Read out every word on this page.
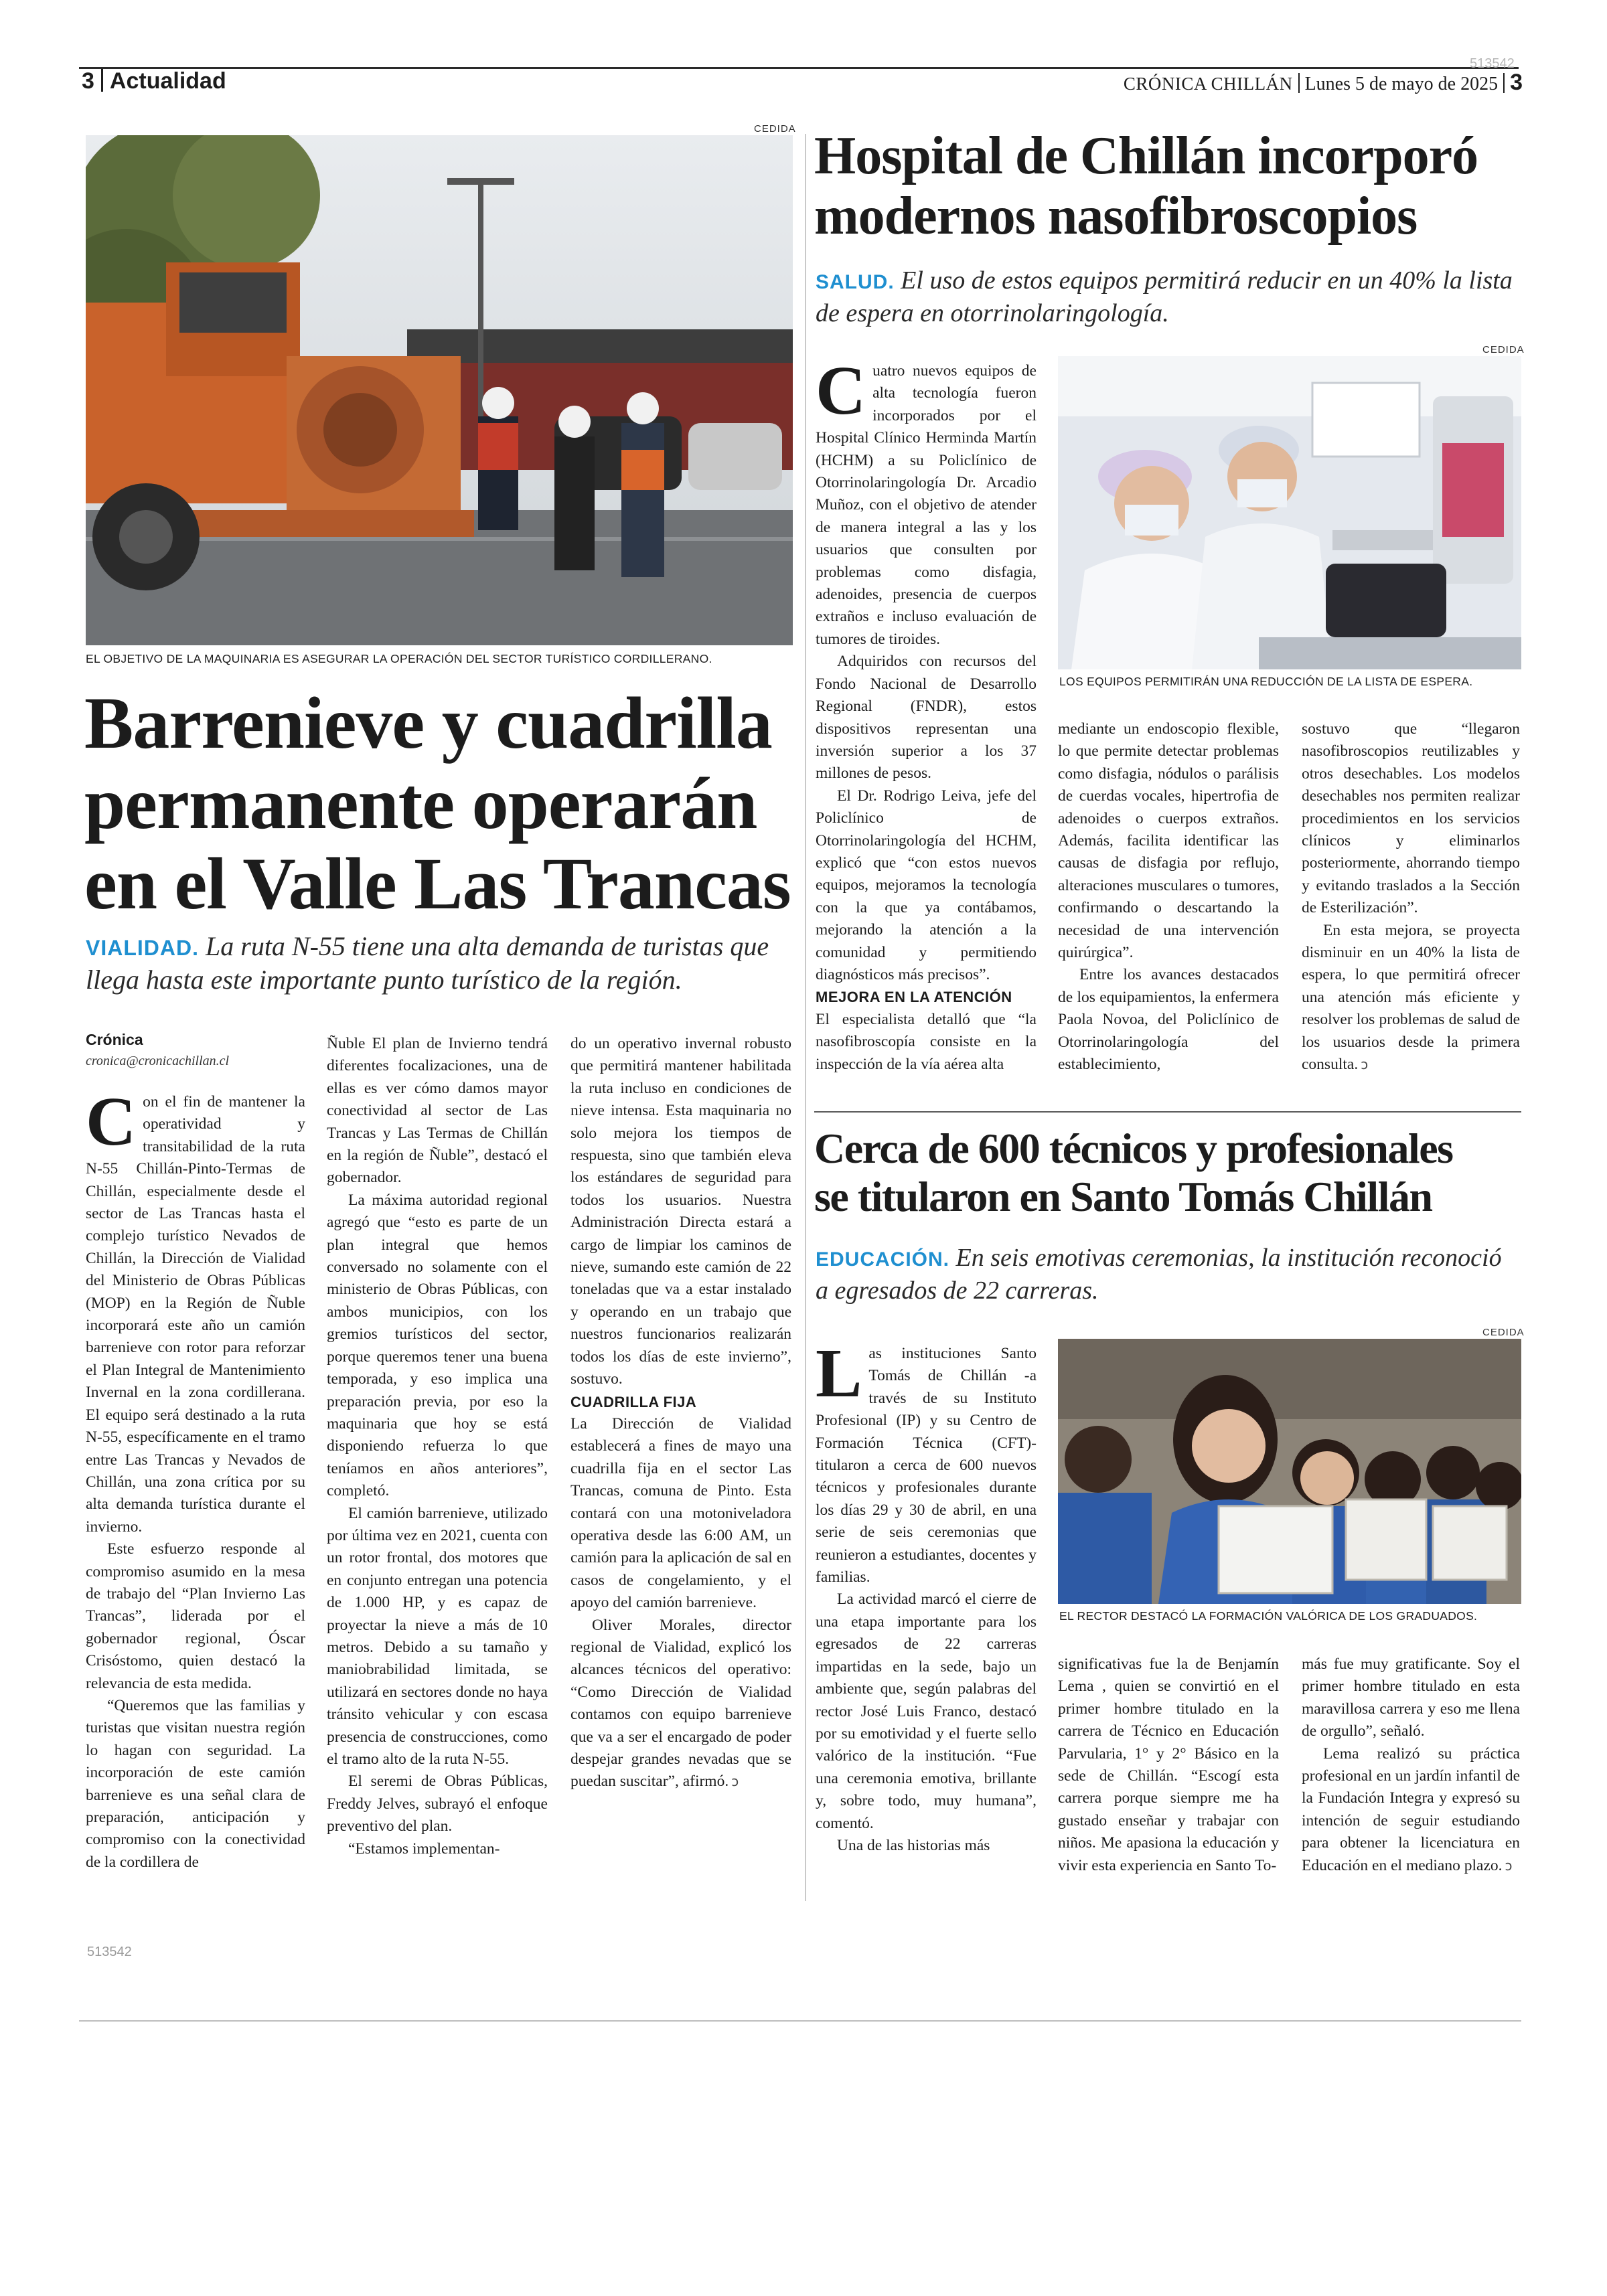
513542
3 Actualidad	CRÓNICA CHILLÁN Lunes 5 de mayo de 2025 3
CEDIDA
EL OBJETIVO DE LA MAQUINARIA ES ASEGURAR LA OPERACIÓN DEL SECTOR TURÍSTICO CORDILLERANO.
Barrenieve y cuadrilla
permanente operarán
en el Valle Las Trancas
VIALIDAD. La ruta N-55 tiene una alta demanda de turistas que llega hasta este importante punto turístico de la región.
Crónica
cronica@cronicachillan.cl

Con el fin de mantener la operatividad y transitabilidad de la ruta N-55 Chillán-Pinto-Termas de Chillán, especialmente desde el sector de Las Trancas hasta el complejo turístico Nevados de Chillán, la Dirección de Vialidad del Ministerio de Obras Públicas (MOP) en la Región de Ñuble incorporará este año un camión barrenieve con rotor para reforzar el Plan Integral de Mantenimiento Invernal en la zona cordillerana. El equipo será destinado a la ruta N-55, específicamente en el tramo entre Las Trancas y Nevados de Chillán, una zona crítica por su alta demanda turística durante el invierno.

Este esfuerzo responde al compromiso asumido en la mesa de trabajo del “Plan Invierno Las Trancas”, liderada por el gobernador regional, Óscar Crisóstomo, quien destacó la relevancia de esta medida.

“Queremos que las familias y turistas que visitan nuestra región lo hagan con seguridad. La incorporación de este camión barrenieve es una señal clara de preparación, anticipación y compromiso con la conectividad de la cordillera de

Ñuble El plan de Invierno tendrá diferentes focalizaciones, una de ellas es ver cómo damos mayor conectividad al sector de Las Trancas y Las Termas de Chillán en la región de Ñuble”, destacó el gobernador.

La máxima autoridad regional agregó que “esto es parte de un plan integral que hemos conversado no solamente con el ministerio de Obras Públicas, con ambos municipios, con los gremios turísticos del sector, porque queremos tener una buena temporada, y eso implica una preparación previa, por eso la maquinaria que hoy se está disponiendo refuerza lo que teníamos en años anteriores”, completó.

El camión barrenieve, utilizado por última vez en 2021, cuenta con un rotor frontal, dos motores que en conjunto entregan una potencia de 1.000 HP, y es capaz de proyectar la nieve a más de 10 metros. Debido a su tamaño y maniobrabilidad limitada, se utilizará en sectores donde no haya tránsito vehicular y con escasa presencia de construcciones, como el tramo alto de la ruta N-55.

El seremi de Obras Públicas, Freddy Jelves, subrayó el enfoque preventivo del plan.

“Estamos implementan-

do un operativo invernal robusto que permitirá mantener habilitada la ruta incluso en condiciones de nieve intensa. Esta maquinaria no solo mejora los tiempos de respuesta, sino que también eleva los estándares de seguridad para todos los usuarios. Nuestra Administración Directa estará a cargo de limpiar los caminos de nieve, sumando este camión de 22 toneladas que va a estar instalado y operando en un trabajo que nuestros funcionarios realizarán todos los días de este invierno”, sostuvo.

CUADRILLA FIJA

La Dirección de Vialidad establecerá a fines de mayo una cuadrilla fija en el sector Las Trancas, comuna de Pinto. Esta contará con una motoniveladora operativa desde las 6:00 AM, un camión para la aplicación de sal en casos de congelamiento, y el apoyo del camión barrenieve.

Oliver Morales, director regional de Vialidad, explicó los alcances técnicos del operativo: “Como Dirección de Vialidad contamos con equipo barrenieve que va a ser el encargado de poder despejar grandes nevadas que se puedan suscitar”, afirmó. ↄ

Hospital de Chillán incorporó
modernos nasofibroscopios
SALUD. El uso de estos equipos permitirá reducir en un 40% la lista de espera en otorrinolaringología.
CEDIDA
LOS EQUIPOS PERMITIRÁN UNA REDUCCIÓN DE LA LISTA DE ESPERA.

Cuatro nuevos equipos de alta tecnología fueron incorporados por el Hospital Clínico Herminda Martín (HCHM) a su Policlínico de Otorrinolaringología Dr. Arcadio Muñoz, con el objetivo de atender de manera integral a las y los usuarios que consulten por problemas como disfagia, adenoides, presencia de cuerpos extraños e incluso evaluación de tumores de tiroides.

Adquiridos con recursos del Fondo Nacional de Desarrollo Regional (FNDR), estos dispositivos representan una inversión superior a los 37 millones de pesos.

El Dr. Rodrigo Leiva, jefe del Policlínico de Otorrinolaringología del HCHM, explicó que “con estos nuevos equipos, mejoramos la tecnología con la que ya contábamos, mejorando la atención a la comunidad y permitiendo diagnósticos más precisos”.

MEJORA EN LA ATENCIÓN

El especialista detalló que “la nasofibroscopía consiste en la inspección de la vía aérea alta

mediante un endoscopio flexible, lo que permite detectar problemas como disfagia, nódulos o parálisis de cuerdas vocales, hipertrofia de adenoides o cuerpos extraños. Además, facilita identificar las causas de disfagia por reflujo, alteraciones musculares o tumores, confirmando o descartando la necesidad de una intervención quirúrgica”.

Entre los avances destacados de los equipamientos, la enfermera Paola Novoa, del Policlínico de Otorrinolaringología del establecimiento,

sostuvo que “llegaron nasofibroscopios reutilizables y otros desechables. Los modelos desechables nos permiten realizar procedimientos en los servicios clínicos y eliminarlos posteriormente, ahorrando tiempo y evitando traslados a la Sección de Esterilización”.

En esta mejora, se proyecta disminuir en un 40% la lista de espera, lo que permitirá ofrecer una atención más eficiente y resolver los problemas de salud de los usuarios desde la primera consulta. ↄ

Cerca de 600 técnicos y profesionales
se titularon en Santo Tomás Chillán
EDUCACIÓN. En seis emotivas ceremonias, la institución reconoció a egresados de 22 carreras.
CEDIDA
EL RECTOR DESTACÓ LA FORMACIÓN VALÓRICA DE LOS GRADUADOS.

Las instituciones Santo Tomás de Chillán -a través de su Instituto Profesional (IP) y su Centro de Formación Técnica (CFT)- titularon a cerca de 600 nuevos técnicos y profesionales durante los días 29 y 30 de abril, en una serie de seis ceremonias que reunieron a estudiantes, docentes y familias.

La actividad marcó el cierre de una etapa importante para los egresados de 22 carreras impartidas en la sede, bajo un ambiente que, según palabras del rector José Luis Franco, destacó por su emotividad y el fuerte sello valórico de la institución. “Fue una ceremonia emotiva, brillante y, sobre todo, muy humana”, comentó.

Una de las historias más

significativas fue la de Benjamín Lema , quien se convirtió en el primer hombre titulado en la carrera de Técnico en Educación Parvularia, 1° y 2° Básico en la sede de Chillán. “Escogí esta carrera porque siempre me ha gustado enseñar y trabajar con niños. Me apasiona la educación y vivir esta experiencia en Santo To-

más fue muy gratificante. Soy el primer hombre titulado en esta maravillosa carrera y eso me llena de orgullo”, señaló.

Lema realizó su práctica profesional en un jardín infantil de la Fundación Integra y expresó su intención de seguir estudiando para obtener la licenciatura en Educación en el mediano plazo. ↄ

513542
